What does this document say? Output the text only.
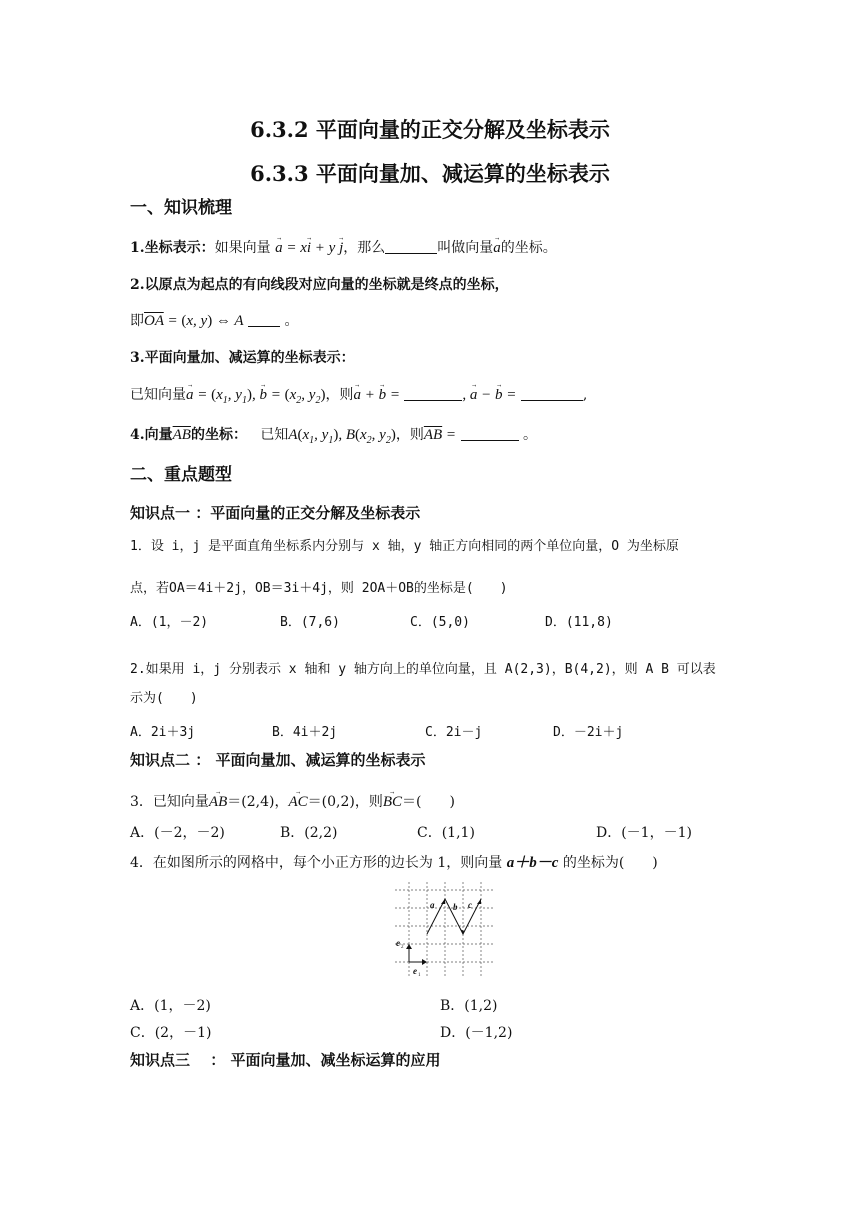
6.3.2 平面向量的正交分解及坐标表示
6.3.3 平面向量加、减运算的坐标表示
一、知识梳理
1.坐标表示：如果向量 → a = x→ i + y → j，那么	叫做向量→ a的坐标。
2.以原点为起点的有向线段对应向量的坐标就是终点的坐标，
即$\overline{OA} = (x$, y) ⇔ A	。
3.平面向量加、减运算的坐标表示：
已知向量→ $a = (x_1$, $y_1$), → $b = (x_2$, $y_2$)，则→ a + → b =	, → a − → b =	,
4.向量$\overline{AB}$的坐标： 已知$A(x_1$, $y_1$), $B(x_2$, $y_2$)，则$\overline{AB}$ =	。
二、重点题型
知识点一 ：平面向量的正交分解及坐标表示
1．设 i，j 是平面直角坐标系内分别与 x 轴，y 轴正方向相同的两个单位向量，O 为坐标原
点，若OA＝4i＋2j，OB＝3i＋4j，则 2OA＋OB的坐标是(　　)
A．(1，－2)	B．(7,6)	C．(5,0)	D．(11,8)
2.如果用 i，j 分别表示 x 轴和 y 轴方向上的单位向量，且 A(2,3)，B(4,2)，则 A B 可以表
示为(　　)
A．2i＋3j	B．4i＋2j	C．2i－j	D．－2i＋j
知识点二 ： 平面向量加、减运算的坐标表示
3．已知向量→ AB＝(2,4)，→ AC＝(0,2)，则→ BC＝(　　)
A．(－2，－2)	B．(2,2)	C．(1,1)	D．(－1，－1)
4．在如图所示的网格中，每个小正方形的边长为 1，则向量 a＋b－c 的坐标为(　　)
a b c
e
e
2
1
A．(1，－2)	B．(1,2)
C．(2，－1)	D．(－1,2)
知识点三 　： 平面向量加、减坐标运算的应用
